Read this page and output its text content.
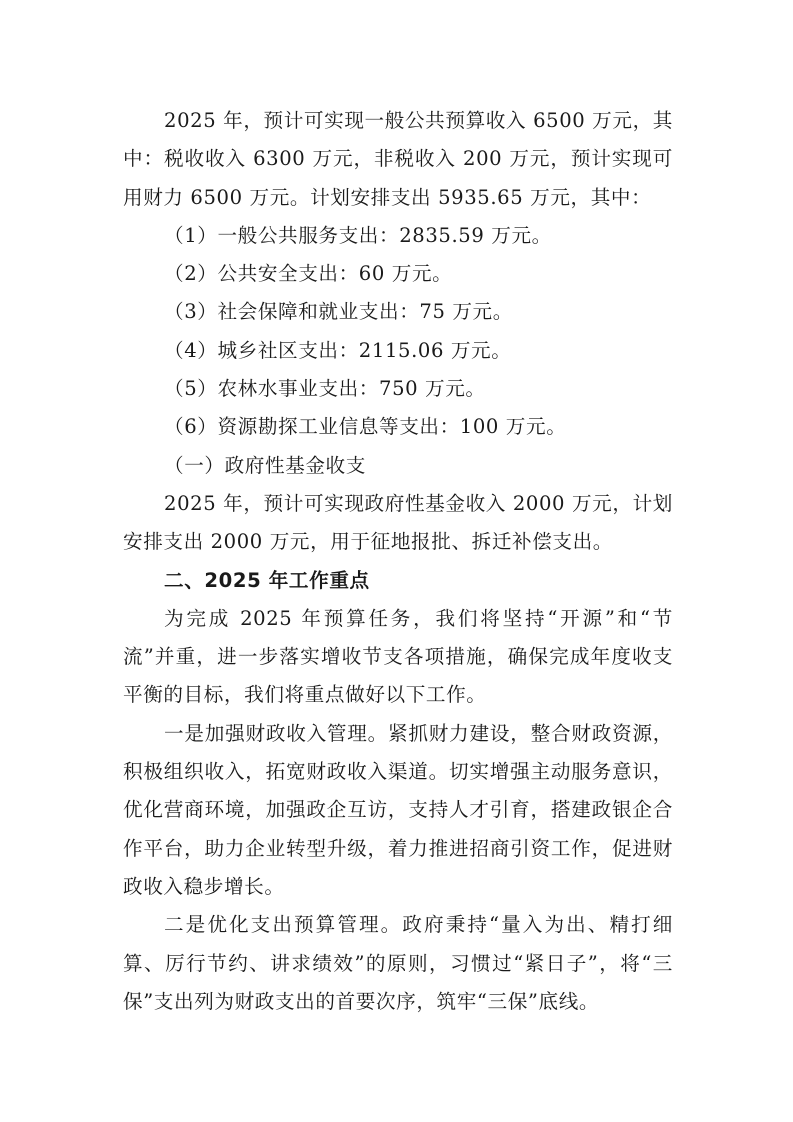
2025 年，预计可实现一般公共预算收入 6500 万元，其中：税收收入 6300 万元，非税收入 200 万元，预计实现可用财力 6500 万元。计划安排支出 5935.65 万元，其中：

（1）一般公共服务支出：2835.59 万元。

（2）公共安全支出：60 万元。

（3）社会保障和就业支出：75 万元。

（4）城乡社区支出：2115.06 万元。

（5）农林水事业支出：750 万元。

（6）资源勘探工业信息等支出：100 万元。

（一）政府性基金收支

2025 年，预计可实现政府性基金收入 2000 万元，计划安排支出 2000 万元，用于征地报批、拆迁补偿支出。

二、2025 年工作重点

为完成 2025 年预算任务，我们将坚持“开源”和“节流”并重，进一步落实增收节支各项措施，确保完成年度收支平衡的目标，我们将重点做好以下工作。

一是加强财政收入管理。紧抓财力建设，整合财政资源，积极组织收入，拓宽财政收入渠道。切实增强主动服务意识，优化营商环境，加强政企互访，支持人才引育，搭建政银企合作平台，助力企业转型升级，着力推进招商引资工作，促进财政收入稳步增长。

二是优化支出预算管理。政府秉持“量入为出、精打细算、厉行节约、讲求绩效”的原则，习惯过“紧日子”，将“三保”支出列为财政支出的首要次序，筑牢“三保”底线。
